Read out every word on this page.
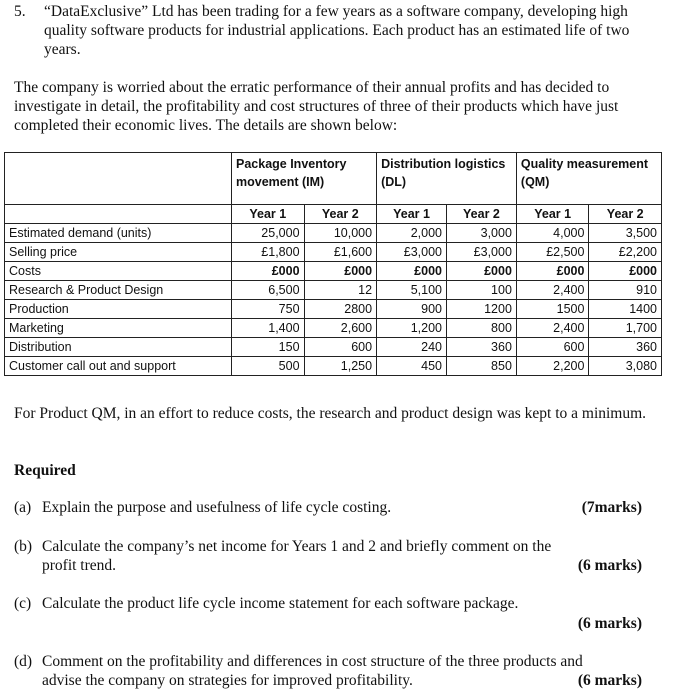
5. “DataExclusive” Ltd has been trading for a few years as a software company, developing high quality software products for industrial applications. Each product has an estimated life of two years.
The company is worried about the erratic performance of their annual profits and has decided to investigate in detail, the profitability and cost structures of three of their products which have just completed their economic lives. The details are shown below:
	Package Inventory movement (IM)		Distribution logistics (DL)		Quality measurement (QM)	
	Year 1	Year 2	Year 1	Year 2	Year 1	Year 2
Estimated demand (units)	25,000	10,000	2,000	3,000	4,000	3,500
Selling price	£1,800	£1,600	£3,000	£3,000	£2,500	£2,200
Costs	£000	£000	£000	£000	£000	£000
Research & Product Design	6,500	12	5,100	100	2,400	910
Production	750	2800	900	1200	1500	1400
Marketing	1,400	2,600	1,200	800	2,400	1,700
Distribution	150	600	240	360	600	360
Customer call out and support	500	1,250	450	850	2,200	3,080
For Product QM, in an effort to reduce costs, the research and product design was kept to a minimum.
Required
(a) Explain the purpose and usefulness of life cycle costing.	(7marks)
(b) Calculate the company’s net income for Years 1 and 2 and briefly comment on the
profit trend.	(6 marks)
(c) Calculate the product life cycle income statement for each software package.
(6 marks)
(d) Comment on the profitability and differences in cost structure of the three products and
advise the company on strategies for improved profitability.	(6 marks)
